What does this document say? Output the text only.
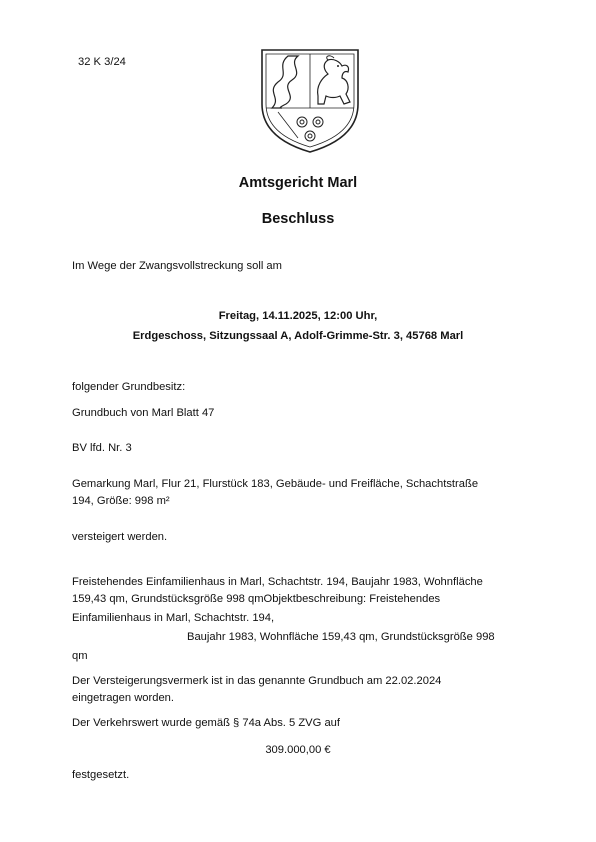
32 K 3/24
Amtsgericht Marl
Beschluss
Im Wege der Zwangsvollstreckung soll am
Freitag, 14.11.2025, 12:00 Uhr,
Erdgeschoss, Sitzungssaal A, Adolf-Grimme-Str. 3, 45768 Marl
folgender Grundbesitz:
Grundbuch von Marl Blatt 47
BV lfd. Nr. 3
Gemarkung Marl, Flur 21, Flurstück 183, Gebäude- und Freifläche, Schachtstraße
194, Größe: 998 m²
versteigert werden.
Freistehendes Einfamilienhaus in Marl, Schachtstr. 194, Baujahr 1983, Wohnfläche
159,43 qm, Grundstücksgröße 998 qmObjektbeschreibung: Freistehendes
Einfamilienhaus in Marl, Schachtstr. 194,
Baujahr 1983, Wohnfläche 159,43 qm, Grundstücksgröße 998
qm
Der Versteigerungsvermerk ist in das genannte Grundbuch am 22.02.2024
eingetragen worden.
Der Verkehrswert wurde gemäß § 74a Abs. 5 ZVG auf
309.000,00 €
festgesetzt.
